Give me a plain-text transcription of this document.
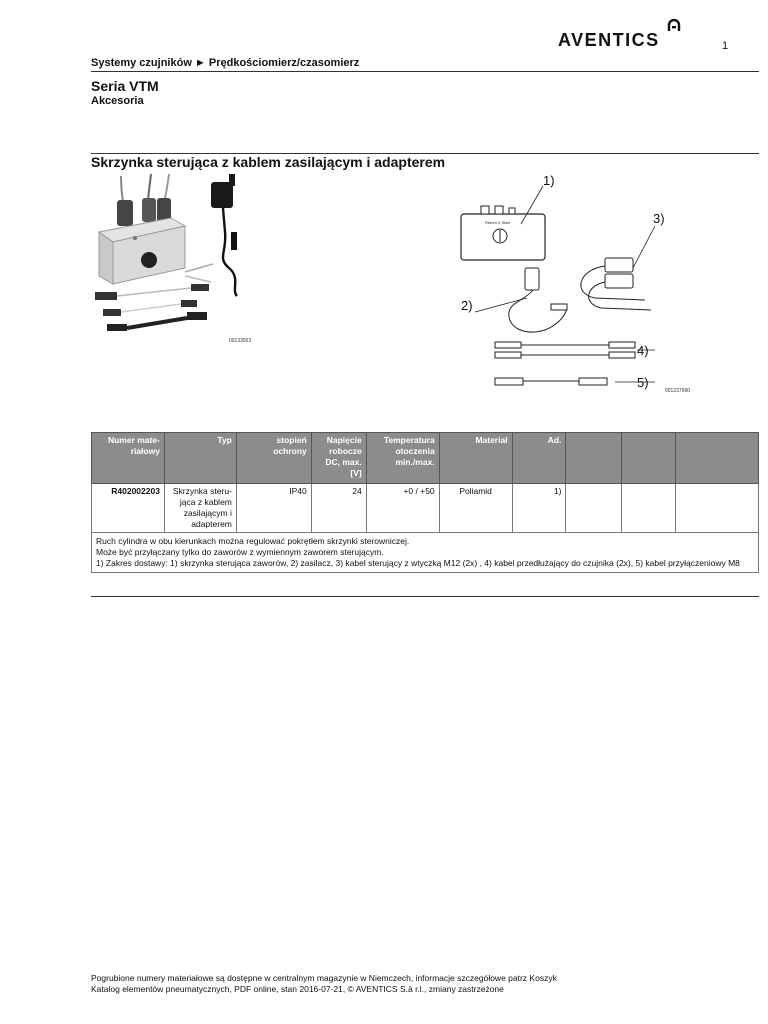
AVENTICS	1
Systemy czujników ► Prędkościomierz/czasomierz
Seria VTM
Akcesoria
Skrzynka sterująca z kablem zasilającym i adapterem
00133563
Return 0 Start
1)
2)
3)
4)
5)
001237990
Numer mate-riałowy	Typ	stopień ochrony	Napięcie robocze DC, max. [V]	Temperatura otoczenia min./max.	Materiał	Ad.			
R402002203	Skrzynka steru-jąca z kablem zasilającym i adapterem	IP40	24	+0 / +50	Poliamid	1)			

Ruch cylindra w obu kierunkach można regulować pokrętłem skrzynki sterowniczej.
Może być przyłączany tylko do zaworów z wymiennym zaworem sterującym.
1) Zakres dostawy: 1) skrzynka sterująca zaworów, 2) zasilacz, 3) kabel sterujący z wtyczką M12 (2x) , 4) kabel przedłużający do czujnika (2x), 5) kabel przyłączeniowy M8									
Pogrubione numery materiałowe są dostępne w centralnym magazynie w Niemczech, informacje szczegółowe patrz Koszyk
Katalog elementów pneumatycznych, PDF online, stan 2016-07-21, © AVENTICS S.à r.l., zmiany zastrzeżone
